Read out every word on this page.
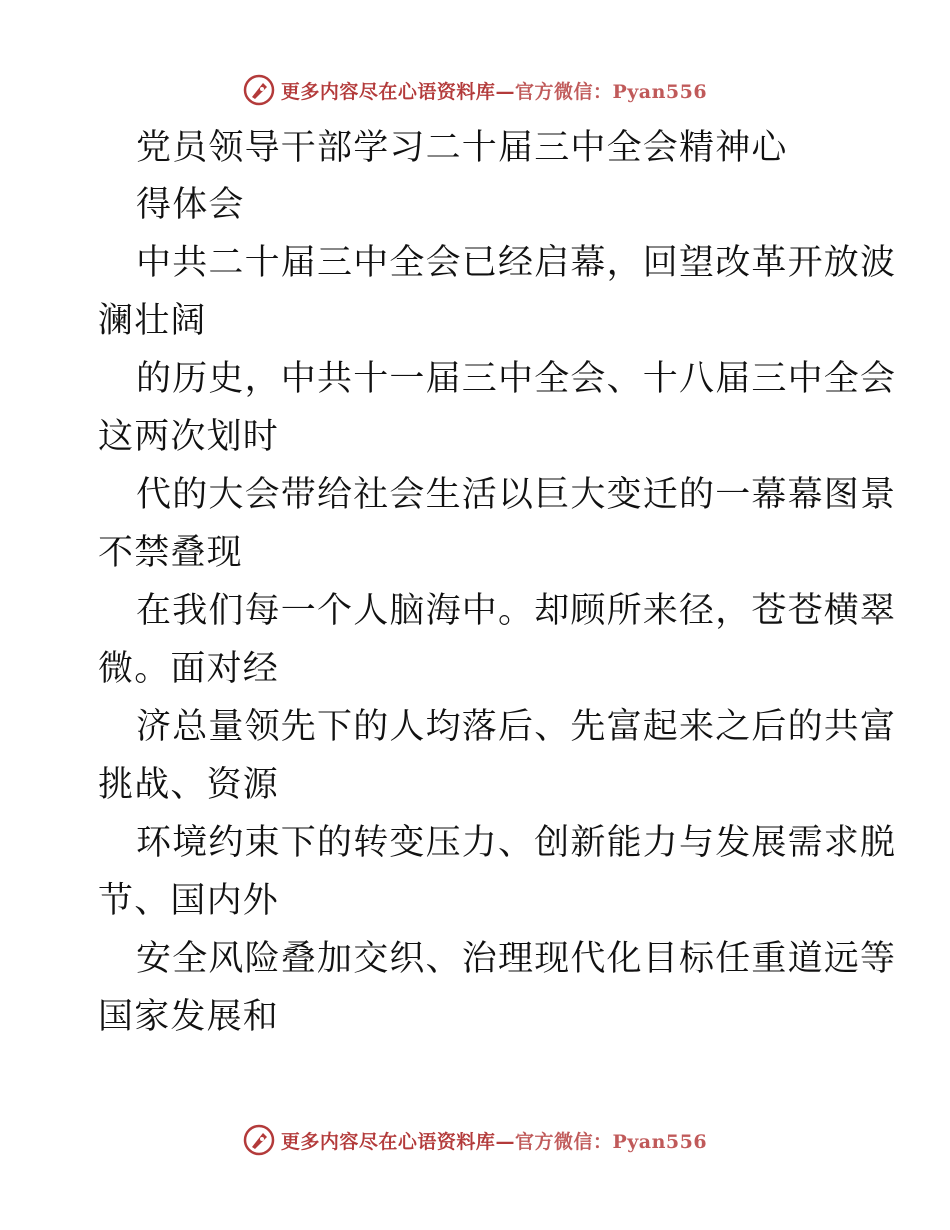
更多内容尽在心语资料库—官方微信：Pyan556
党员领导干部学习二十届三中全会精神心
得体会
中共二十届三中全会已经启幕，回望改革开放波
澜壮阔
的历史，中共十一届三中全会、十八届三中全会
这两次划时
代的大会带给社会生活以巨大变迁的一幕幕图景
不禁叠现
在我们每一个人脑海中。却顾所来径，苍苍横翠
微。面对经
济总量领先下的人均落后、先富起来之后的共富
挑战、资源
环境约束下的转变压力、创新能力与发展需求脱
节、国内外
安全风险叠加交织、治理现代化目标任重道远等
国家发展和
更多内容尽在心语资料库—官方微信：Pyan556
